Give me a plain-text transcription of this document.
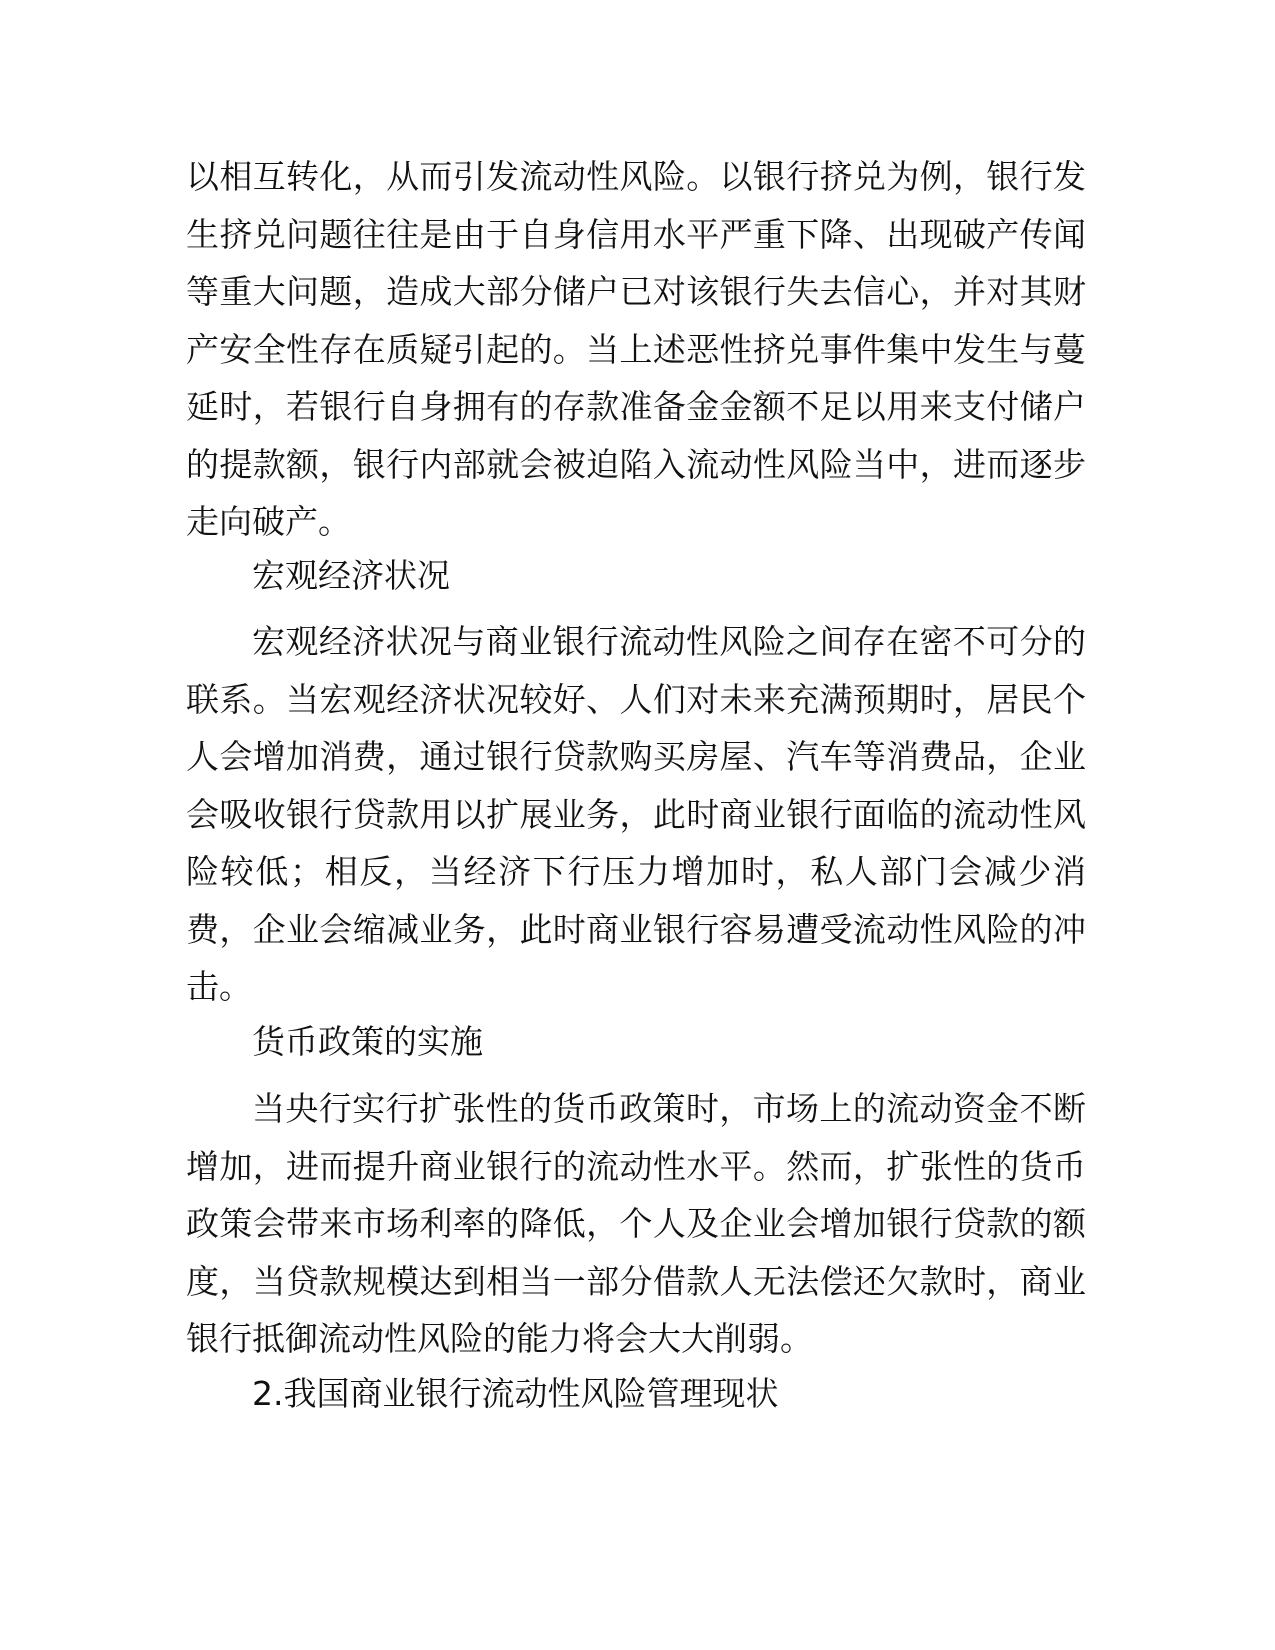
以相互转化，从而引发流动性风险。以银行挤兑为例，银行发生挤兑问题往往是由于自身信用水平严重下降、出现破产传闻等重大问题，造成大部分储户已对该银行失去信心，并对其财产安全性存在质疑引起的。当上述恶性挤兑事件集中发生与蔓延时，若银行自身拥有的存款准备金金额不足以用来支付储户的提款额，银行内部就会被迫陷入流动性风险当中，进而逐步走向破产。

宏观经济状况

宏观经济状况与商业银行流动性风险之间存在密不可分的联系。当宏观经济状况较好、人们对未来充满预期时，居民个人会增加消费，通过银行贷款购买房屋、汽车等消费品，企业会吸收银行贷款用以扩展业务，此时商业银行面临的流动性风险较低；相反，当经济下行压力增加时，私人部门会减少消费，企业会缩减业务，此时商业银行容易遭受流动性风险的冲击。

货币政策的实施

当央行实行扩张性的货币政策时，市场上的流动资金不断增加，进而提升商业银行的流动性水平。然而，扩张性的货币政策会带来市场利率的降低，个人及企业会增加银行贷款的额度，当贷款规模达到相当一部分借款人无法偿还欠款时，商业银行抵御流动性风险的能力将会大大削弱。

2.我国商业银行流动性风险管理现状
